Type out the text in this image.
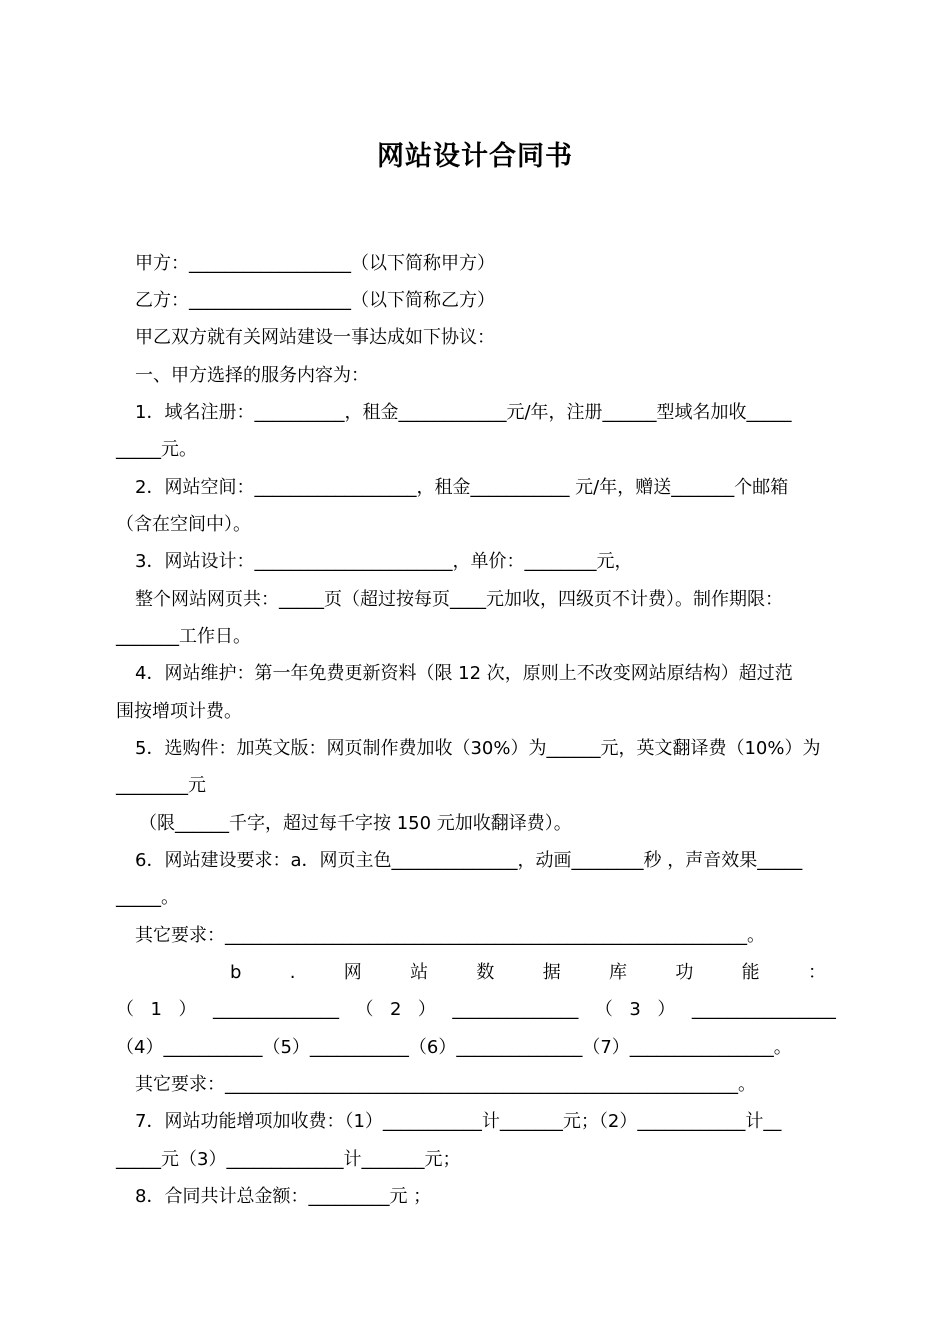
网站设计合同书
甲方：__________________（以下简称甲方）
乙方：__________________（以下简称乙方）
甲乙双方就有关网站建设一事达成如下协议：
一、甲方选择的服务内容为：
1．域名注册：__________，租金____________元/年，注册______型域名加收_____
_____元。
2．网站空间：__________________，租金___________ 元/年，赠送_______个邮箱
（含在空间中）。
3．网站设计：______________________，单价：________元，
整个网站网页共：_____页（超过按每页____元加收，四级页不计费）。制作期限：
_______工作日。
4．网站维护：第一年免费更新资料（限 12 次，原则上不改变网站原结构）超过范
围按增项计费。
5．选购件：加英文版：网页制作费加收（30%）为______元，英文翻译费（10%）为
________元
（限______千字，超过每千字按 150 元加收翻译费）。
6．网站建设要求：a．网页主色______________，动画________秒 ，声音效果_____
_____。
其它要求：__________________________________________________________。
b	.	网	站	数	据	库	功	能	：
（ 1 ） ______________ （ 2 ） ______________ （ 3 ） ________________
（4）___________（5）___________（6）______________（7）________________。
其它要求：_________________________________________________________。
7．网站功能增项加收费：（1）___________计_______元；（2）____________计__
_____元（3）_____________计_______元；
8．合同共计总金额：_________元 ；
